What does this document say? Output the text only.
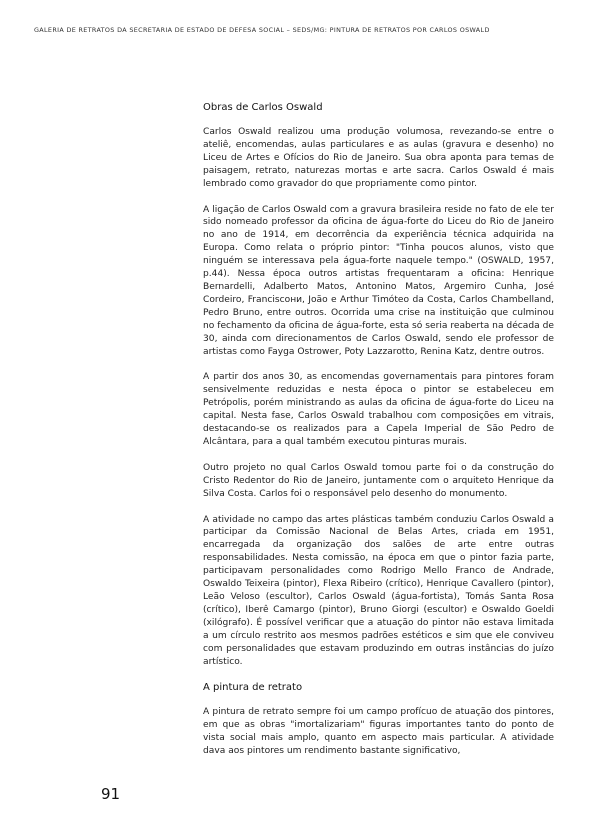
GALERIA DE RETRATOS DA SECRETARIA DE ESTADO DE DEFESA SOCIAL – SEDS/MG: PINTURA DE RETRATOS POR CARLOS OSWALD
Obras de Carlos Oswald

Carlos Oswald realizou uma produção volumosa, revezando-se entre o ateliê, encomendas, aulas particulares e as aulas (gravura e desenho) no Liceu de Artes e Ofícios do Rio de Janeiro. Sua obra aponta para temas de paisagem, retrato, naturezas mortas e arte sacra. Carlos Oswald é mais lembrado como gravador do que propriamente como pintor.

A ligação de Carlos Oswald com a gravura brasileira reside no fato de ele ter sido nomeado professor da oficina de água-forte do Liceu do Rio de Janeiro no ano de 1914, em decorrência da experiência técnica adquirida na Europa. Como relata o próprio pintor: "Tinha poucos alunos, visto que ninguém se interessava pela água-forte naquele tempo." (OSWALD, 1957, p.44). Nessa época outros artistas frequentaram a oficina: Henrique Bernardelli, Adalberto Matos, Antonino Matos, Argemiro Cunha, José Cordeiro, Franciscони, João e Arthur Timóteo da Costa, Carlos Chambelland, Pedro Bruno, entre outros. Ocorrida uma crise na instituição que culminou no fechamento da oficina de água-forte, esta só seria reaberta na década de 30, ainda com direcionamentos de Carlos Oswald, sendo ele professor de artistas como Fayga Ostrower, Poty Lazzarotto, Renina Katz, dentre outros.

A partir dos anos 30, as encomendas governamentais para pintores foram sensivelmente reduzidas e nesta época o pintor se estabeleceu em Petrópolis, porém ministrando as aulas da oficina de água-forte do Liceu na capital. Nesta fase, Carlos Oswald trabalhou com composições em vitrais, destacando-se os realizados para a Capela Imperial de São Pedro de Alcântara, para a qual também executou pinturas murais.

Outro projeto no qual Carlos Oswald tomou parte foi o da construção do Cristo Redentor do Rio de Janeiro, juntamente com o arquiteto Henrique da Silva Costa. Carlos foi o responsável pelo desenho do monumento.

A atividade no campo das artes plásticas também conduziu Carlos Oswald a participar da Comissão Nacional de Belas Artes, criada em 1951, encarregada da organização dos salões de arte entre outras responsabilidades. Nesta comissão, na época em que o pintor fazia parte, participavam personalidades como Rodrigo Mello Franco de Andrade, Oswaldo Teixeira (pintor), Flexa Ribeiro (crítico), Henrique Cavallero (pintor), Leão Veloso (escultor), Carlos Oswald (água-fortista), Tomás Santa Rosa (crítico), Iberê Camargo (pintor), Bruno Giorgi (escultor) e Oswaldo Goeldi (xilógrafo). É possível verificar que a atuação do pintor não estava limitada a um círculo restrito aos mesmos padrões estéticos e sim que ele conviveu com personalidades que estavam produzindo em outras instâncias do juízo artístico.

A pintura de retrato

A pintura de retrato sempre foi um campo profícuo de atuação dos pintores, em que as obras "imortalizariam" figuras importantes tanto do ponto de vista social mais amplo, quanto em aspecto mais particular. A atividade dava aos pintores um rendimento bastante significativo,

91
